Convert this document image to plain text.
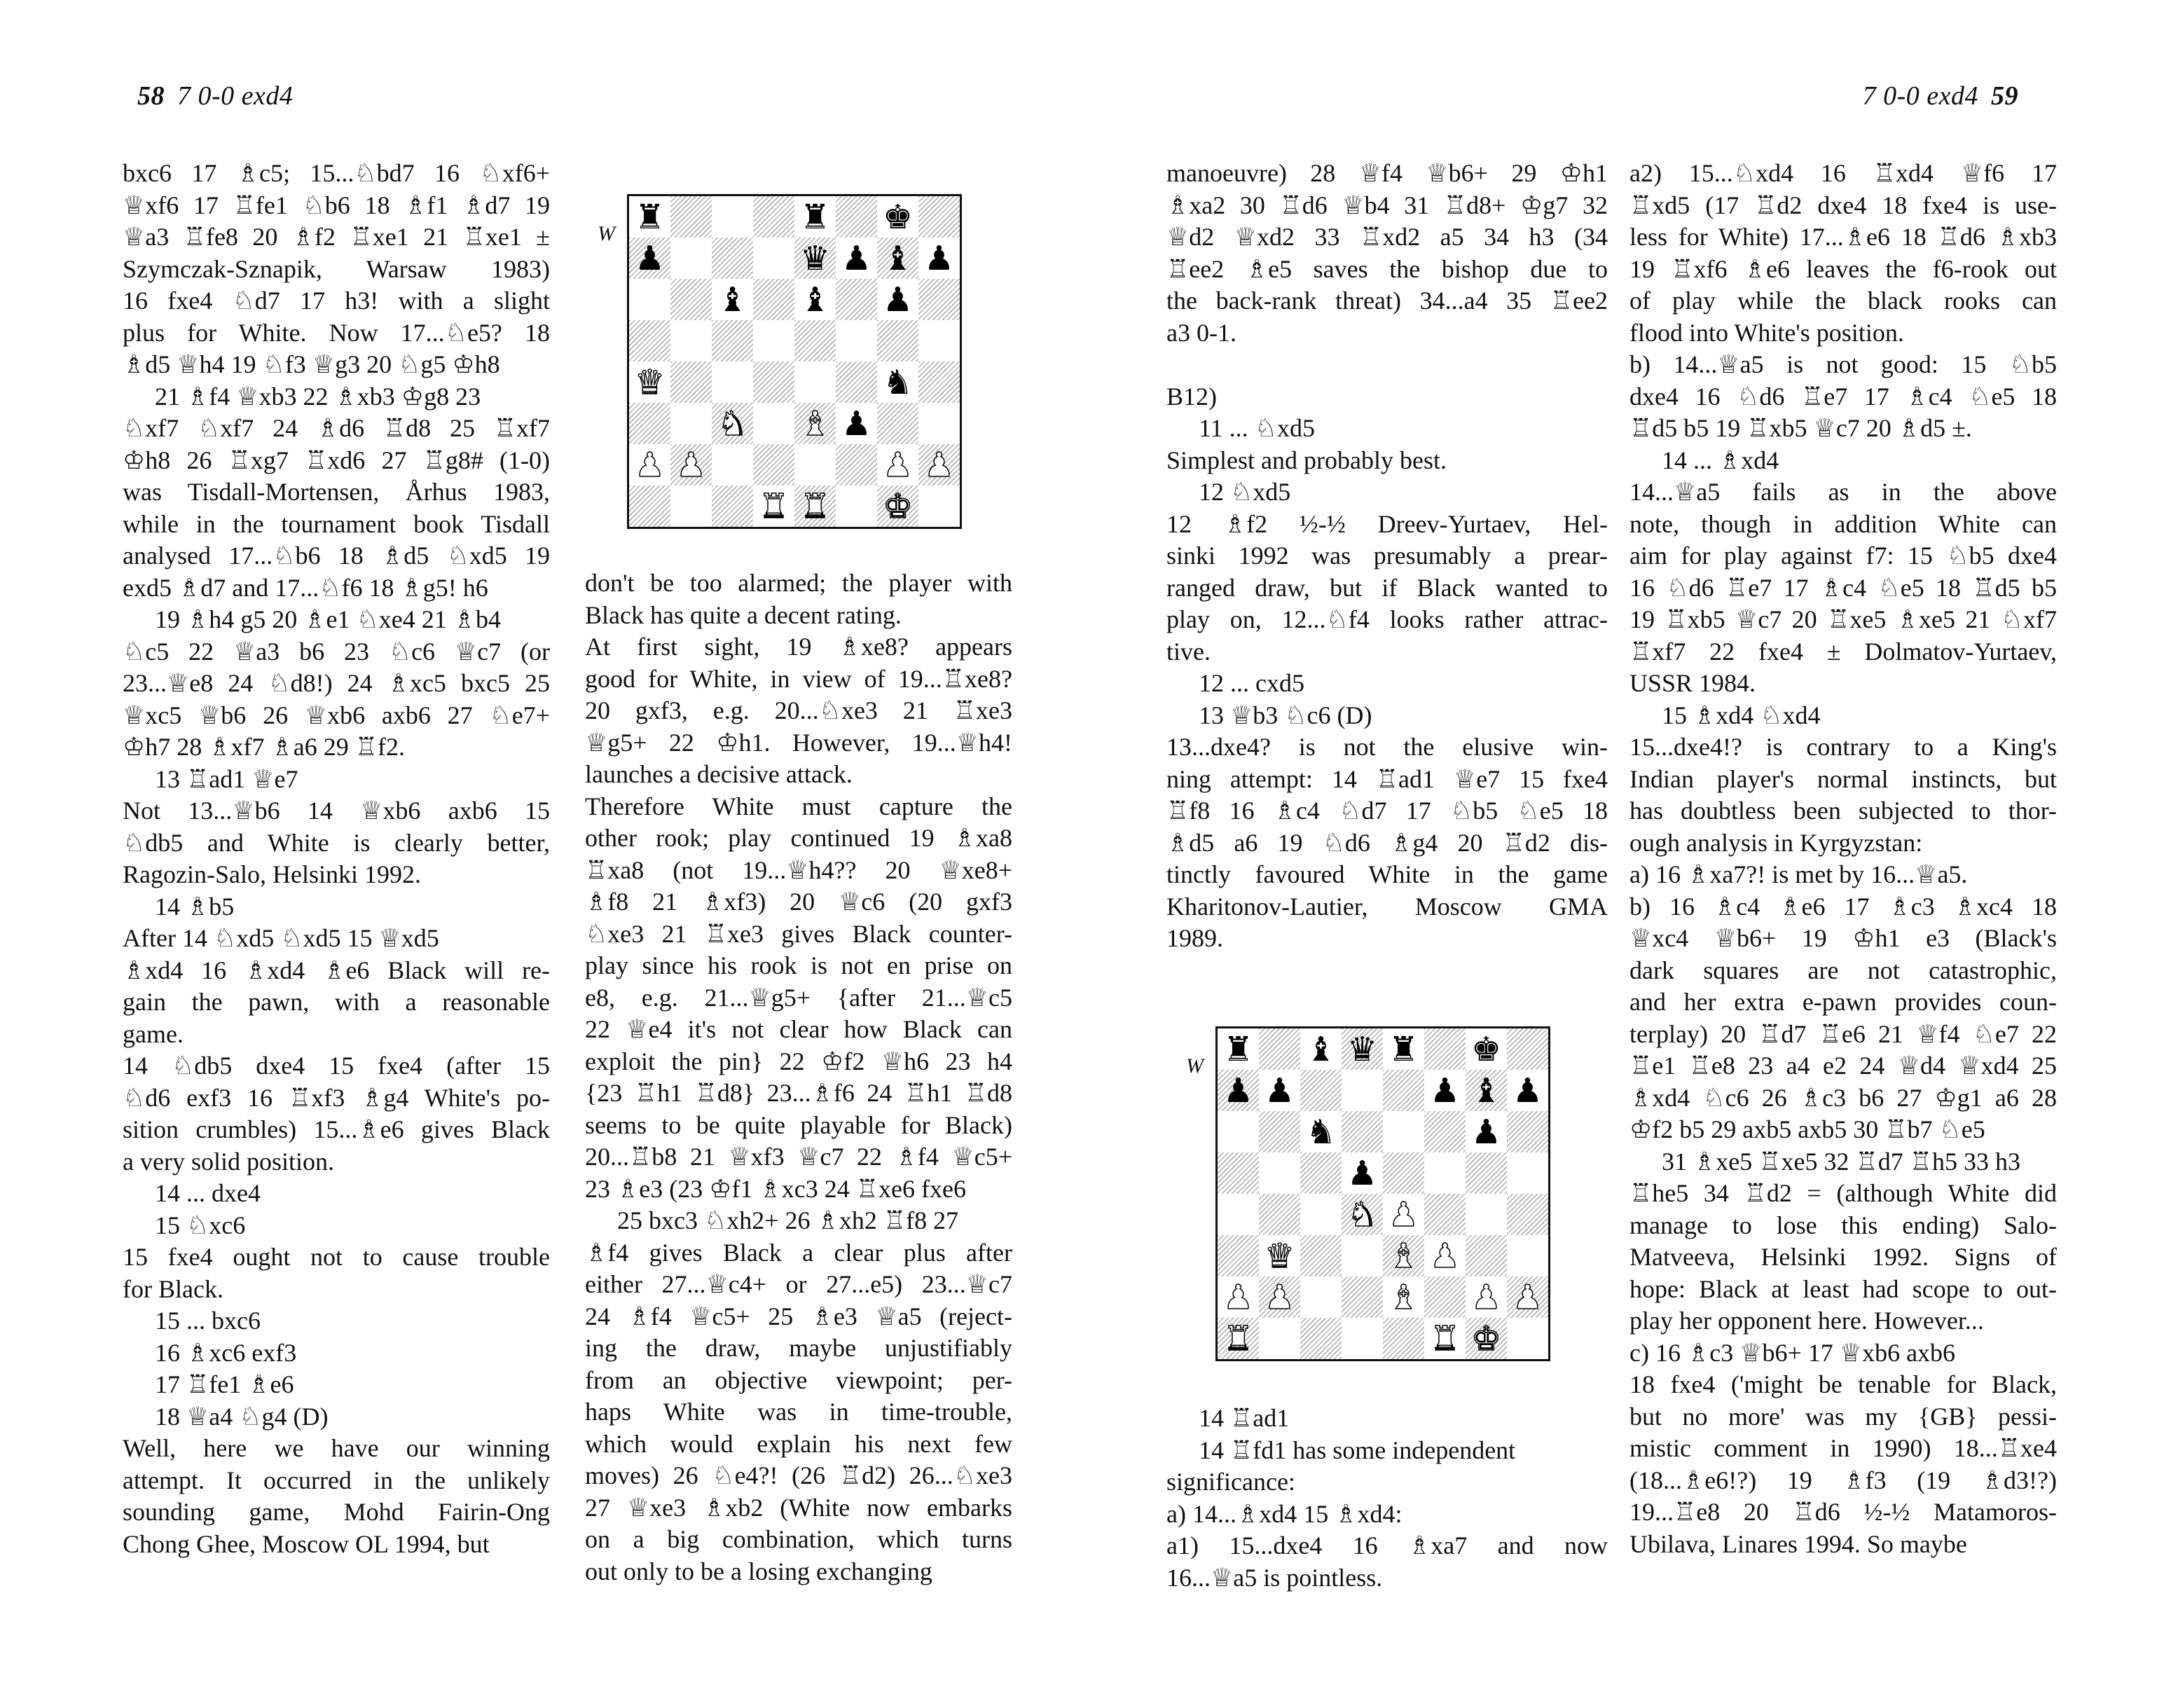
58 7 0-0 exd4	7 0-0 exd4 59
bxc6 17 ♗c5; 15...♘bd7 16 ♘xf6+
♕xf6 17 ♖fe1 ♘b6 18 ♗f1 ♗d7 19
♕a3 ♖fe8 20 ♗f2 ♖xe1 21 ♖xe1 ±
Szymczak-Sznapik, Warsaw 1983)
16 fxe4 ♘d7 17 h3! with a slight
plus for White. Now 17...♘e5? 18
♗d5 ♕h4 19 ♘f3 ♕g3 20 ♘g5 ♔h8
21 ♗f4 ♕xb3 22 ♗xb3 ♔g8 23
♘xf7 ♘xf7 24 ♗d6 ♖d8 25 ♖xf7
♔h8 26 ♖xg7 ♖xd6 27 ♖g8# (1-0)
was Tisdall-Mortensen, Århus 1983,
while in the tournament book Tisdall
analysed 17...♘b6 18 ♗d5 ♘xd5 19
exd5 ♗d7 and 17...♘f6 18 ♗g5! h6
19 ♗h4 g5 20 ♗e1 ♘xe4 21 ♗b4
♘c5 22 ♕a3 b6 23 ♘c6 ♕c7 (or
23...♕e8 24 ♘d8!) 24 ♗xc5 bxc5 25
♕xc5 ♕b6 26 ♕xb6 axb6 27 ♘e7+
♔h7 28 ♗xf7 ♗a6 29 ♖f2.
13 ♖ad1 ♕e7
Not 13...♕b6 14 ♕xb6 axb6 15
♘db5 and White is clearly better,
Ragozin-Salo, Helsinki 1992.
14 ♗b5
After 14 ♘xd5 ♘xd5 15 ♕xd5
♗xd4 16 ♗xd4 ♗e6 Black will re-
gain the pawn, with a reasonable
game.
14 ♘db5 dxe4 15 fxe4 (after 15
♘d6 exf3 16 ♖xf3 ♗g4 White's po-
sition crumbles) 15...♗e6 gives Black
a very solid position.
14 ... dxe4
15 ♘xc6
15 fxe4 ought not to cause trouble
for Black.
15 ... bxc6
16 ♗xc6 exf3
17 ♖fe1 ♗e6
18 ♕a4 ♘g4 (D)
Well, here we have our winning
attempt. It occurred in the unlikely
sounding game, Mohd Fairin-Ong
Chong Ghee, Moscow OL 1994, but
don't be too alarmed; the player with
Black has quite a decent rating.
At first sight, 19 ♗xe8? appears
good for White, in view of 19...♖xe8?
20 gxf3, e.g. 20...♘xe3 21 ♖xe3
♕g5+ 22 ♔h1. However, 19...♕h4!
launches a decisive attack.
Therefore White must capture the
other rook; play continued 19 ♗xa8
♖xa8 (not 19...♕h4?? 20 ♕xe8+
♗f8 21 ♗xf3) 20 ♕c6 (20 gxf3
♘xe3 21 ♖xe3 gives Black counter-
play since his rook is not en prise on
e8, e.g. 21...♕g5+ {after 21...♕c5
22 ♕e4 it's not clear how Black can
exploit the pin} 22 ♔f2 ♕h6 23 h4
{23 ♖h1 ♖d8} 23...♗f6 24 ♖h1 ♖d8
seems to be quite playable for Black)
20...♖b8 21 ♕xf3 ♕c7 22 ♗f4 ♕c5+
23 ♗e3 (23 ♔f1 ♗xc3 24 ♖xe6 fxe6
25 bxc3 ♘xh2+ 26 ♗xh2 ♖f8 27
♗f4 gives Black a clear plus after
either 27...♕c4+ or 27...e5) 23...♕c7
24 ♗f4 ♕c5+ 25 ♗e3 ♕a5 (reject-
ing the draw, maybe unjustifiably
from an objective viewpoint; per-
haps White was in time-trouble,
which would explain his next few
moves) 26 ♘e4?! (26 ♖d2) 26...♘xe3
27 ♕xe3 ♗xb2 (White now embarks
on a big combination, which turns
out only to be a losing exchanging
manoeuvre) 28 ♕f4 ♕b6+ 29 ♔h1
♗xa2 30 ♖d6 ♕b4 31 ♖d8+ ♔g7 32
♕d2 ♕xd2 33 ♖xd2 a5 34 h3 (34
♖ee2 ♗e5 saves the bishop due to
the back-rank threat) 34...a4 35 ♖ee2
a3 0-1.

B12)
11 ... ♘xd5
Simplest and probably best.
12 ♘xd5
12 ♗f2 ½-½ Dreev-Yurtaev, Hel-
sinki 1992 was presumably a prear-
ranged draw, but if Black wanted to
play on, 12...♘f4 looks rather attrac-
tive.
12 ... cxd5
13 ♕b3 ♘c6 (D)
13...dxe4? is not the elusive win-
ning attempt: 14 ♖ad1 ♕e7 15 fxe4
♖f8 16 ♗c4 ♘d7 17 ♘b5 ♘e5 18
♗d5 a6 19 ♘d6 ♗g4 20 ♖d2 dis-
tinctly favoured White in the game
Kharitonov-Lautier, Moscow GMA
1989.
14 ♖ad1
14 ♖fd1 has some independent
significance:
a) 14...♗xd4 15 ♗xd4:
a1) 15...dxe4 16 ♗xa7 and now
16...♕a5 is pointless.
a2) 15...♘xd4 16 ♖xd4 ♕f6 17
♖xd5 (17 ♖d2 dxe4 18 fxe4 is use-
less for White) 17...♗e6 18 ♖d6 ♗xb3
19 ♖xf6 ♗e6 leaves the f6-rook out
of play while the black rooks can
flood into White's position.
b) 14...♕a5 is not good: 15 ♘b5
dxe4 16 ♘d6 ♖e7 17 ♗c4 ♘e5 18
♖d5 b5 19 ♖xb5 ♕c7 20 ♗d5 ±.
14 ... ♗xd4
14...♕a5 fails as in the above
note, though in addition White can
aim for play against f7: 15 ♘b5 dxe4
16 ♘d6 ♖e7 17 ♗c4 ♘e5 18 ♖d5 b5
19 ♖xb5 ♕c7 20 ♖xe5 ♗xe5 21 ♘xf7
♖xf7 22 fxe4 ± Dolmatov-Yurtaev,
USSR 1984.
15 ♗xd4 ♘xd4
15...dxe4!? is contrary to a King's
Indian player's normal instincts, but
has doubtless been subjected to thor-
ough analysis in Kyrgyzstan:
a) 16 ♗xa7?! is met by 16...♕a5.
b) 16 ♗c4 ♗e6 17 ♗c3 ♗xc4 18
♕xc4 ♕b6+ 19 ♔h1 e3 (Black's
dark squares are not catastrophic,
and her extra e-pawn provides coun-
terplay) 20 ♖d7 ♖e6 21 ♕f4 ♘e7 22
♖e1 ♖e8 23 a4 e2 24 ♕d4 ♕xd4 25
♗xd4 ♘c6 26 ♗c3 b6 27 ♔g1 a6 28
♔f2 b5 29 axb5 axb5 30 ♖b7 ♘e5
31 ♗xe5 ♖xe5 32 ♖d7 ♖h5 33 h3
♖he5 34 ♖d2 = (although White did
manage to lose this ending) Salo-
Matveeva, Helsinki 1992. Signs of
hope: Black at least had scope to out-
play her opponent here. However...
c) 16 ♗c3 ♕b6+ 17 ♕xb6 axb6
18 fxe4 ('might be tenable for Black,
but no more' was my {GB} pessi-
mistic comment in 1990) 18...♖xe4
(18...♗e6!?) 19 ♗f3 (19 ♗d3!?)
19...♖e8 20 ♖d6 ½-½ Matamoros-
Ubilava, Linares 1994. So maybe
W ♜	♜ ♚
♟	♛ ♟ ♝ ♟
♝ ♝ ♟
♛	♞
♞ ♝ ♟
♟ ♟	♟ ♟
♜ ♜ ♚
W ♜ ♝ ♛ ♜ ♚
♟ ♟	♟ ♝ ♟
♞	♟
♟
♞ ♟
♛	♝ ♟
♟ ♟	♝ ♟ ♟
♜	♜ ♚
